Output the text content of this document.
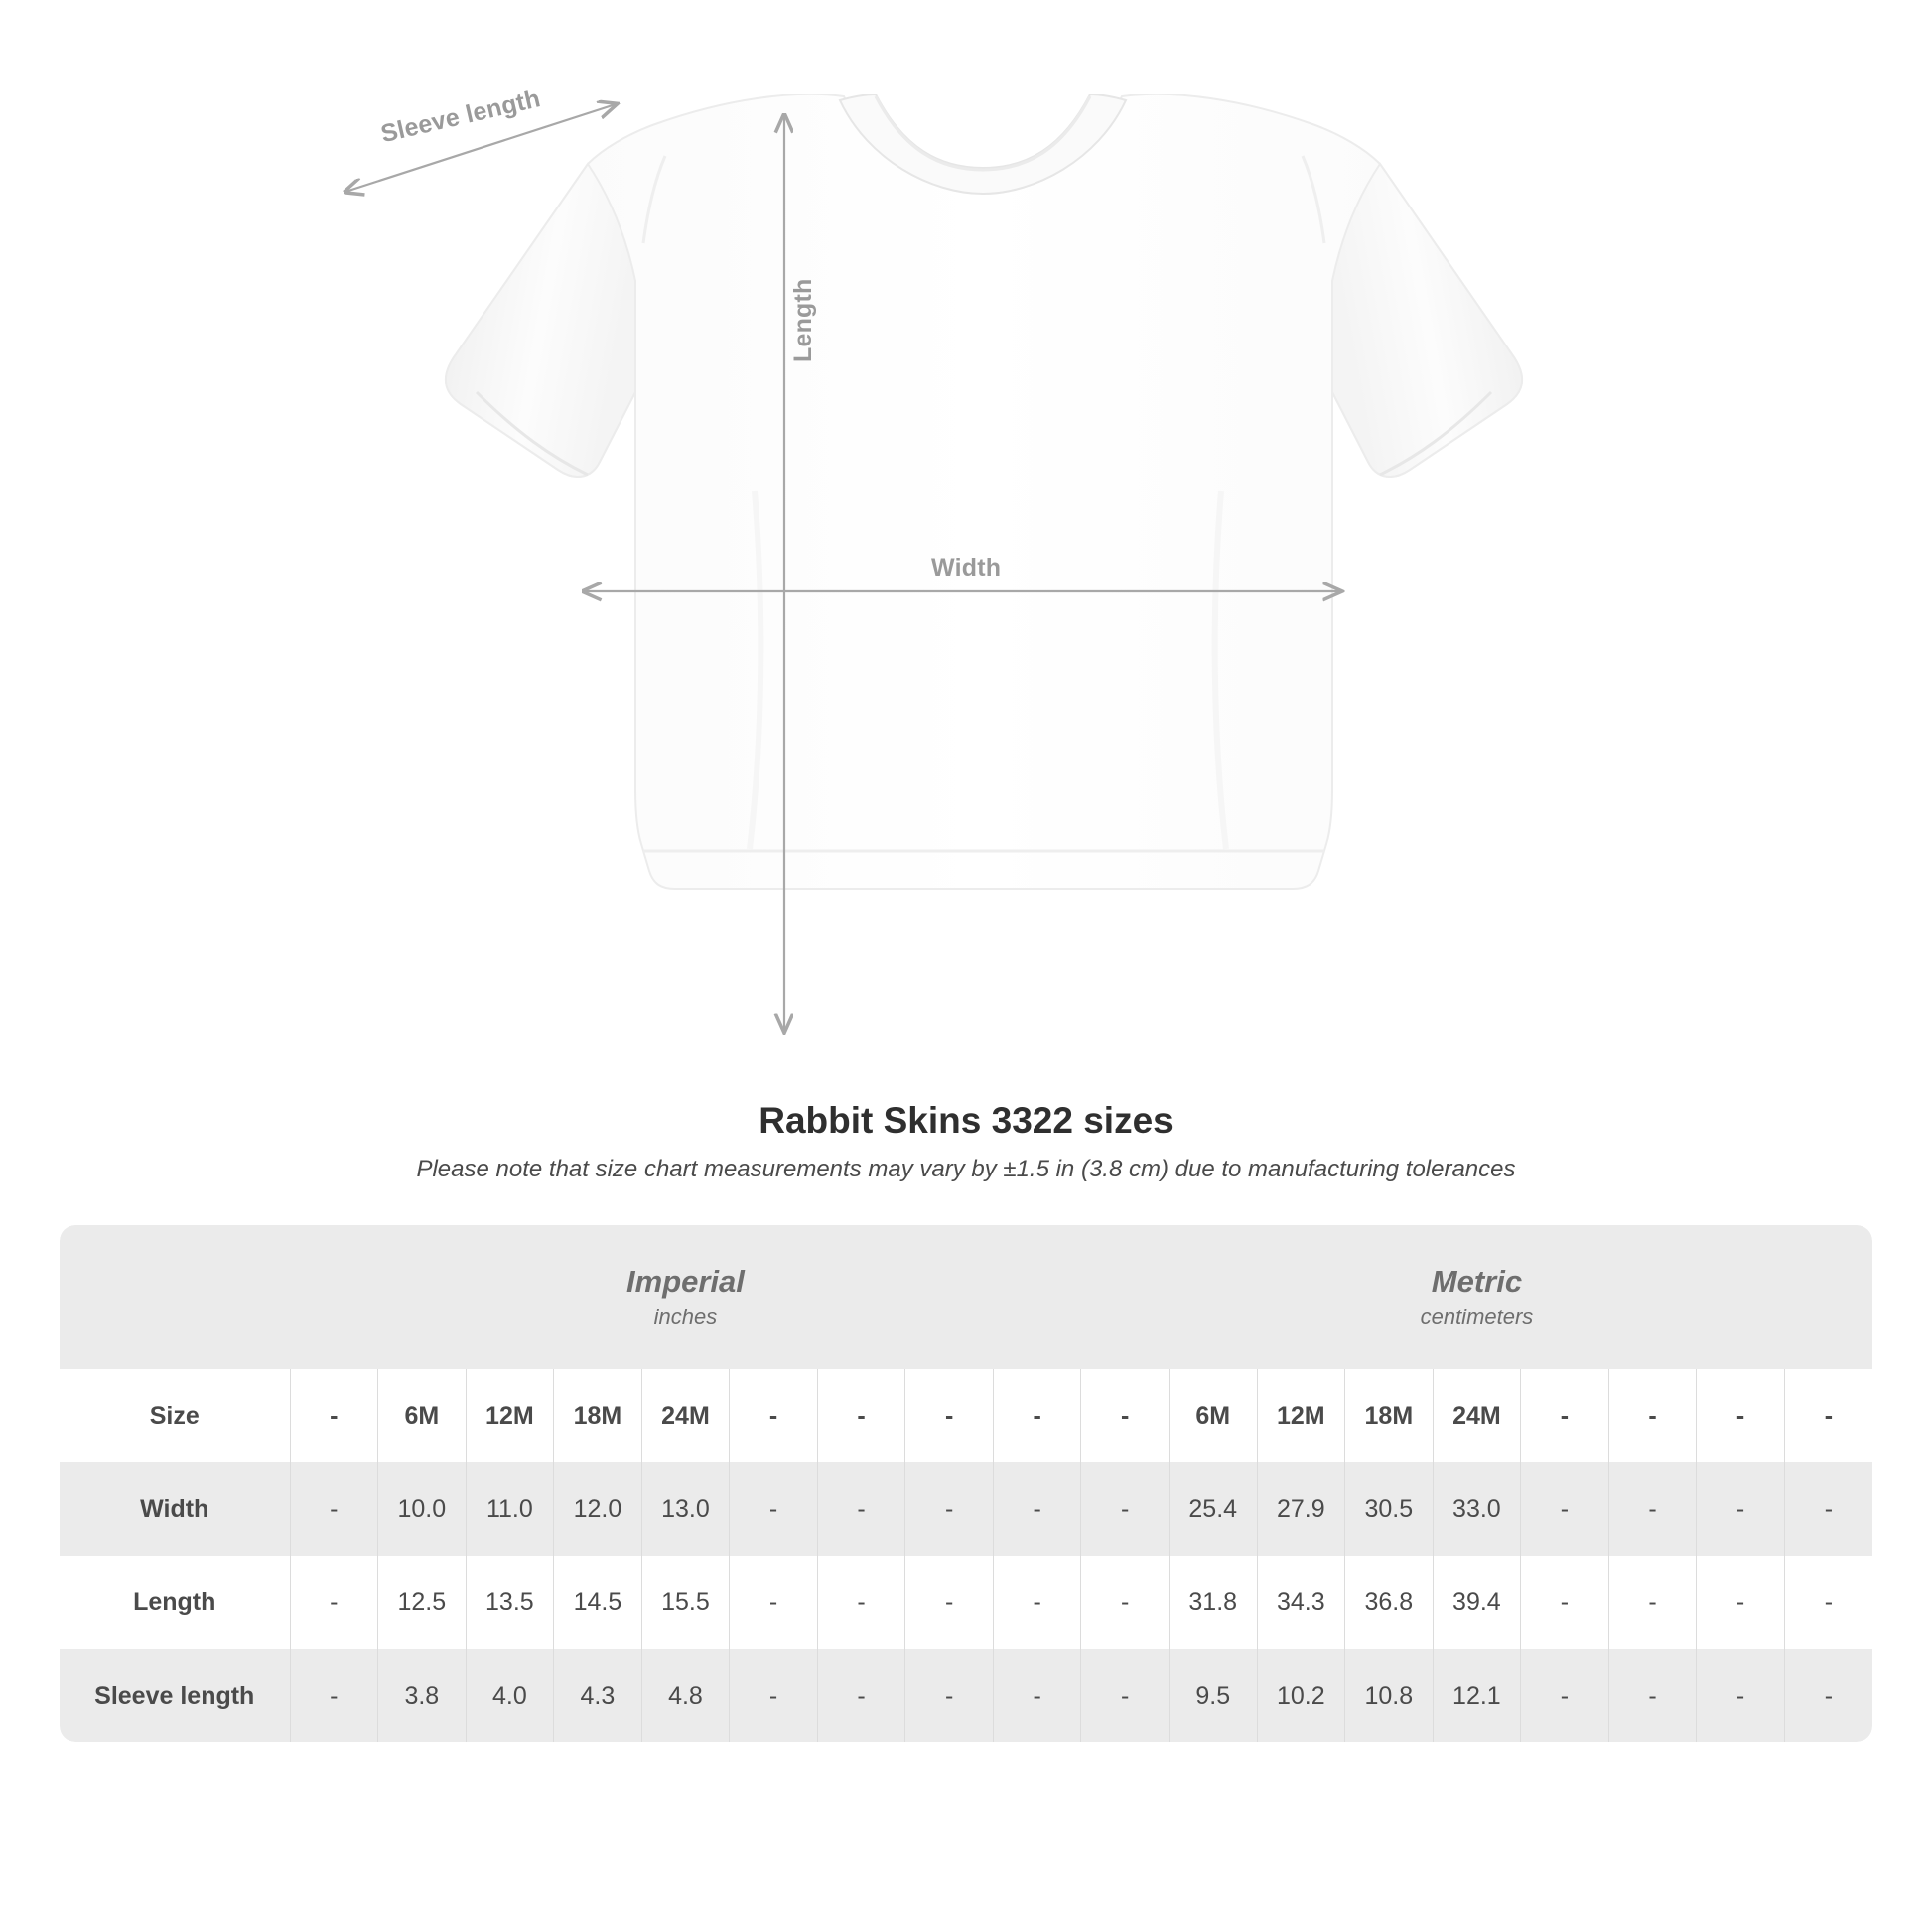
Sleeve length
Length
Width
Rabbit Skins 3322 sizes

Please note that size chart measurements may vary by ±1.5 in (3.8 cm) due to manufacturing tolerances

Imperial
inches

Metric
centimeters

Size	-	6M	12M	18M	24M	-	-	-	-	-	6M	12M	18M	24M	-	-	-	-
Width	-	10.0	11.0	12.0	13.0	-	-	-	-	-	25.4	27.9	30.5	33.0	-	-	-	-
Length	-	12.5	13.5	14.5	15.5	-	-	-	-	-	31.8	34.3	36.8	39.4	-	-	-	-
Sleeve length	-	3.8	4.0	4.3	4.8	-	-	-	-	-	9.5	10.2	10.8	12.1	-	-	-	-
